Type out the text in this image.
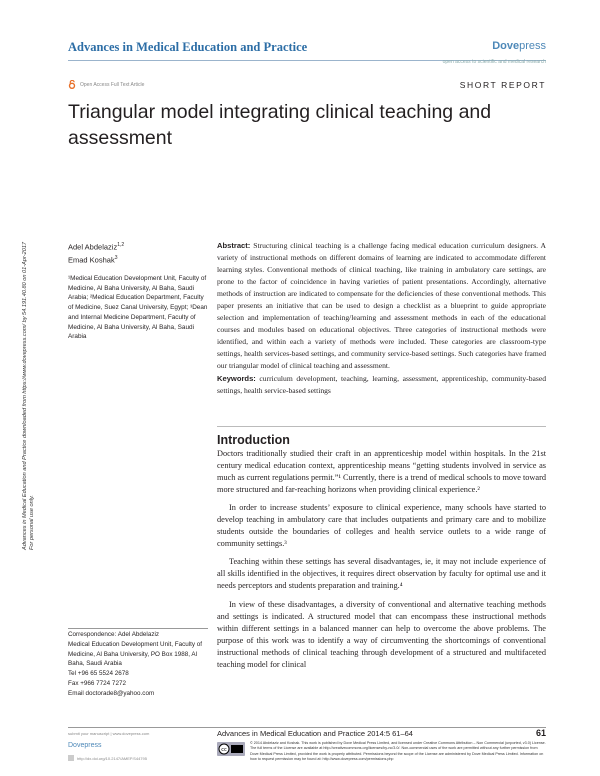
Advances in Medical Education and Practice	Dovepress
open access to scientific and medical research
Open Access Full Text Article	SHORT REPORT
Triangular model integrating clinical teaching and assessment
Advances in Medical Education and Practice downloaded from https://www.dovepress.com/ by 54.191.40.80 on 01-Apr-2017 For personal use only.
Adel Abdelaziz$^{1,2}$
Emad Koshak$^3$
¹Medical Education Development Unit, Faculty of Medicine, Al Baha University, Al Baha, Saudi Arabia; ²Medical Education Department, Faculty of Medicine, Suez Canal University, Egypt; ³Dean and Internal Medicine Department, Faculty of Medicine, Al Baha University, Al Baha, Saudi Arabia
Abstract: Structuring clinical teaching is a challenge facing medical education curriculum designers. A variety of instructional methods on different domains of learning are indicated to accommodate different learning styles. Conventional methods of clinical teaching, like training in ambulatory care settings, are prone to the factor of coincidence in having varieties of patient presentations. Accordingly, alternative methods of instruction are indicated to compensate for the deficiencies of these conventional methods. This paper presents an initiative that can be used to design a checklist as a blueprint to guide appropriate selection and implementation of teaching/learning and assessment methods in each of the educational courses and modules based on educational objectives. Three categories of instructional methods were identified, and within each a variety of methods were included. These categories are classroom-type settings, health services-based settings, and community service-based settings. Such categories have framed our triangular model of clinical teaching and assessment.
Keywords: curriculum development, teaching, learning, assessment, apprenticeship, community-based settings, health service-based settings
Introduction

Doctors traditionally studied their craft in an apprenticeship model within hospitals. In the 21st century medical education context, apprenticeship means “getting students involved in service as much as current regulations permit.”¹ Currently, there is a trend of medical schools to move toward more structured and far-reaching horizons when providing clinical experience.²

In order to increase students’ exposure to clinical experience, many schools have started to develop teaching in ambulatory care that includes outpatients and primary care and to mobilize students outside the boundaries of colleges and health service outlets to a wide range of community settings.³

Teaching within these settings has several disadvantages, ie, it may not include experience of all skills identified in the objectives, it requires direct observation by faculty for optimal use and it needs perceptors and students preparation and training.⁴

In view of these disadvantages, a diversity of conventional and alternative teaching methods and settings is indicated. A structured model that can encompass these instructional methods within different settings in a balanced manner can help to overcome the above problems. The purpose of this work was to identify a way of circumventing the shortcomings of conventional instructional methods of clinical teaching through development of a structured and multifaceted teaching model for clinical

Correspondence: Adel Abdelaziz
Medical Education Development Unit, Faculty of Medicine, Al Baha University, PO Box 1988, Al Baha, Saudi Arabia
Tel +96 65 5524 2678
Fax +966 7724 7272
Email doctorade8@yahoo.com
submit your manuscript | www.dovepress.com	Advances in Medical Education and Practice 2014:5 61–64	61
Dovepress
http://dx.doi.org/10.2147/AMEP.S44795
cc
© 2014 Abdelaziz and Koshak. This work is published by Dove Medical Press Limited, and licensed under Creative Commons Attribution – Non Commercial (unported, v3.0) License. The full terms of the License are available at http://creativecommons.org/licenses/by-nc/3.0/. Non-commercial uses of the work are permitted without any further permission from Dove Medical Press Limited, provided the work is properly attributed. Permissions beyond the scope of the License are administered by Dove Medical Press Limited. Information on how to request permission may be found at: http://www.dovepress.com/permissions.php
